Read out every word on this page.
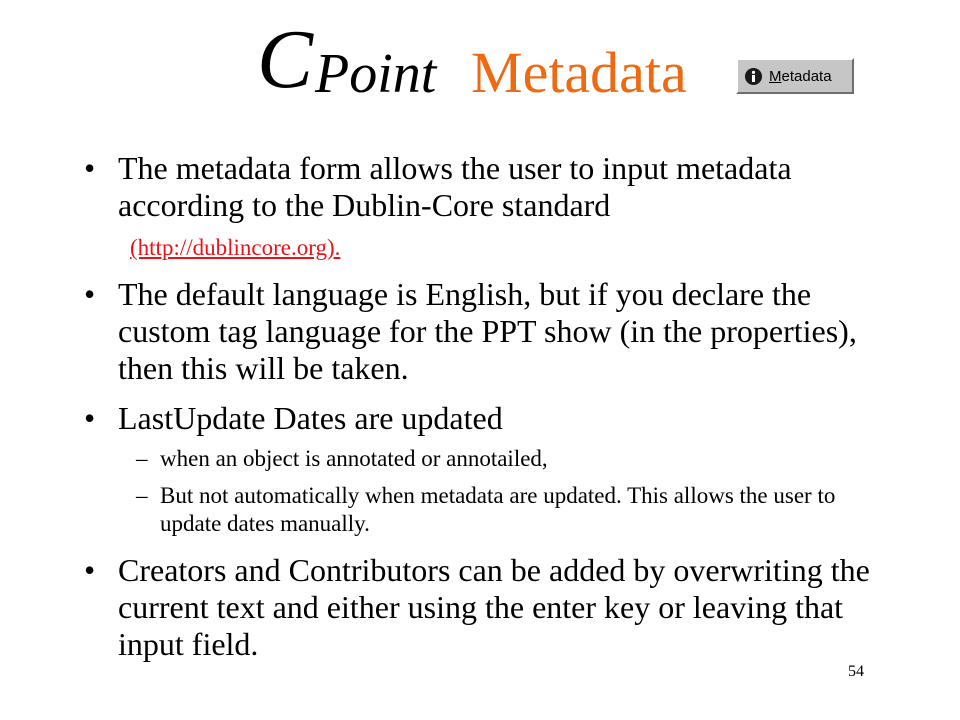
C Point Metadata	Metadata
• The metadata form allows the user to input metadata according to the Dublin-Core standard
(http://dublincore.org).
• The default language is English, but if you declare the custom tag language for the PPT show (in the properties), then this will be taken.
• LastUpdate Dates are updated
– when an object is annotated or annotailed,
– But not automatically when metadata are updated. This allows the user to update dates manually.
• Creators and Contributors can be added by overwriting the current text and either using the enter key or leaving that input field.
54
